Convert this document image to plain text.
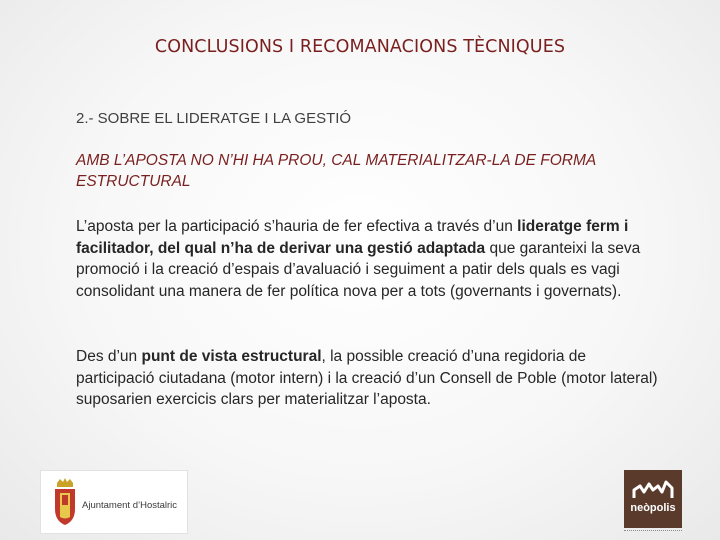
CONCLUSIONS I RECOMANACIONS TÈCNIQUES
2.- SOBRE EL LIDERATGE I LA GESTIÓ
AMB L’APOSTA NO N’HI HA PROU, CAL MATERIALITZAR-LA DE FORMA ESTRUCTURAL
L’aposta per la participació s’hauria de fer efectiva a través d’un lideratge ferm i facilitador, del qual n’ha de derivar una gestió adaptada que garanteixi la seva promoció i la creació d’espais d’avaluació i seguiment a patir dels quals es vagi consolidant una manera de fer política nova per a tots (governants i governats).
Des d’un punt de vista estructural, la possible creació d’una regidoria de participació ciutadana (motor intern) i la creació d’un Consell de Poble (motor lateral) suposarien exercicis clars per materialitzar l’aposta.
Ajuntament d’Hostalric	neòpolis
